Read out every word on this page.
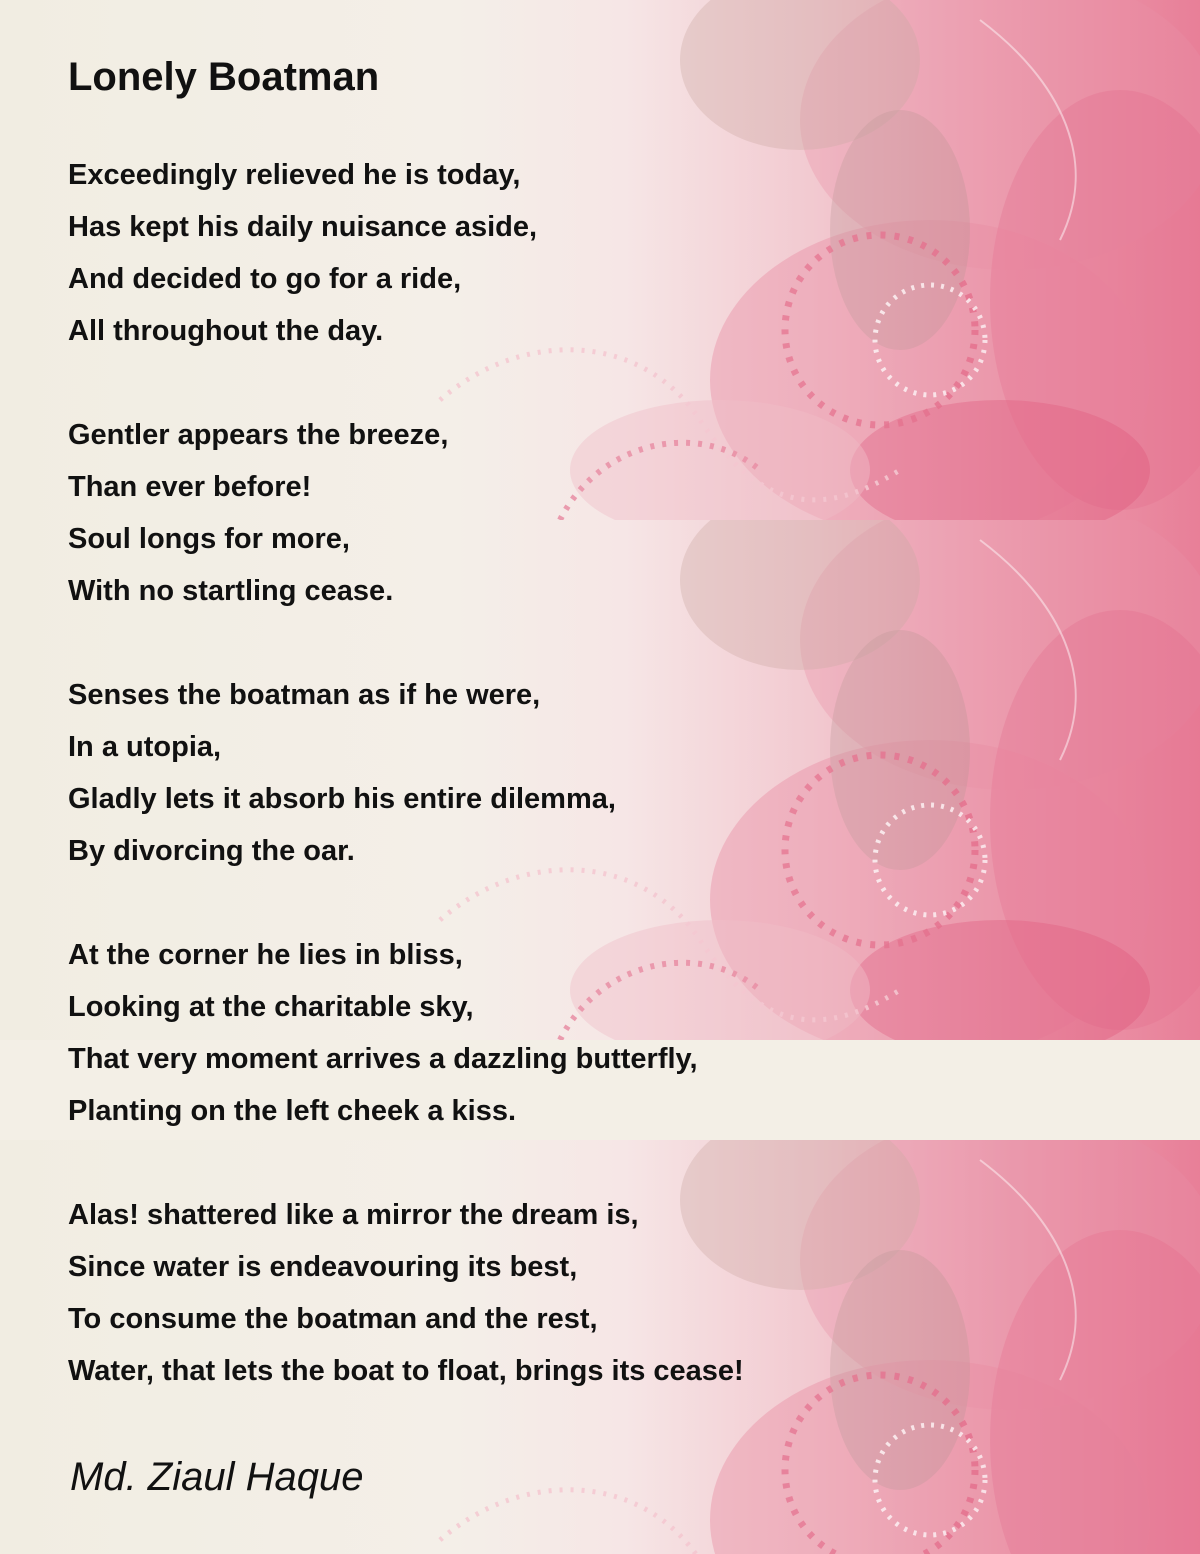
Lonely Boatman
Exceedingly relieved he is today,
Has kept his daily nuisance aside,
And decided to go for a ride,
All throughout the day.
Gentler appears the breeze,
Than ever before!
Soul longs for more,
With no startling cease.
Senses the boatman as if he were,
In a utopia,
Gladly lets it absorb his entire dilemma,
By divorcing the oar.
At the corner he lies in bliss,
Looking at the charitable sky,
That very moment arrives a dazzling butterfly,
Planting on the left cheek a kiss.
Alas! shattered like a mirror the dream is,
Since water is endeavouring its best,
To consume the boatman and the rest,
Water, that lets the boat to float, brings its cease!

Md. Ziaul Haque
